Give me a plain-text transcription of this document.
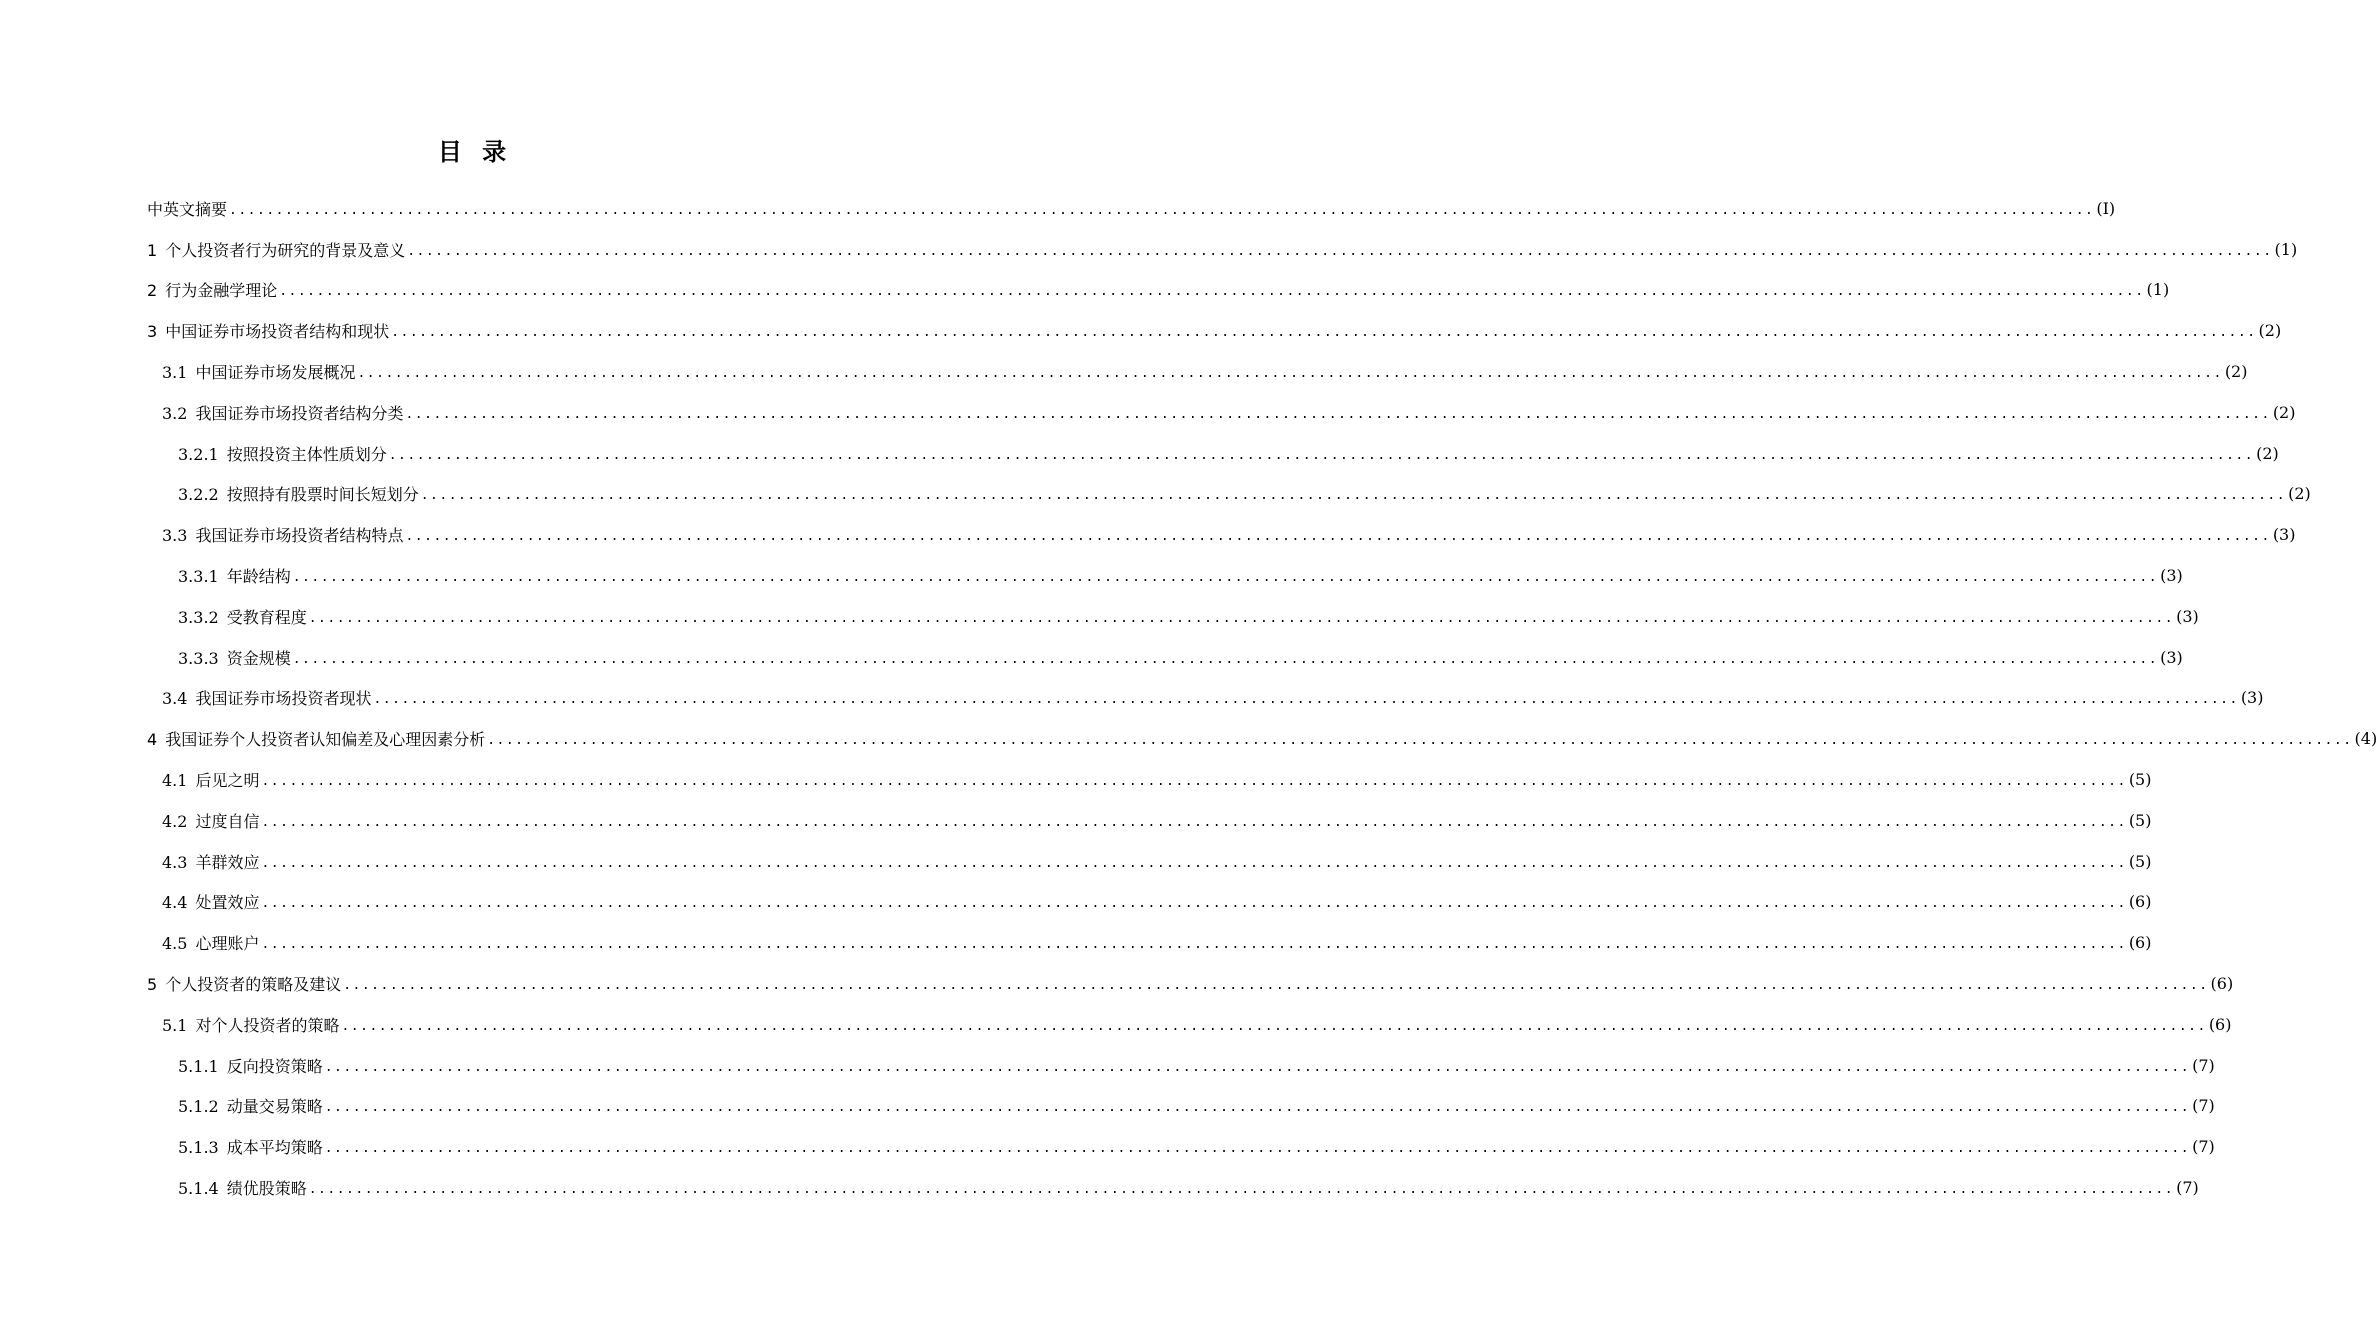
目 录
中英文摘要 ........................................................................................................................................................................................................ (I)
1 个人投资者行为研究的背景及意义 ........................................................................................................................................................................................................ (1)
2 行为金融学理论 ........................................................................................................................................................................................................ (1)
3 中国证券市场投资者结构和现状 ........................................................................................................................................................................................................ (2)
3.1 中国证券市场发展概况 ........................................................................................................................................................................................................ (2)
3.2 我国证券市场投资者结构分类 ........................................................................................................................................................................................................ (2)
3.2.1 按照投资主体性质划分 ........................................................................................................................................................................................................ (2)
3.2.2 按照持有股票时间长短划分 ........................................................................................................................................................................................................ (2)
3.3 我国证券市场投资者结构特点 ........................................................................................................................................................................................................ (3)
3.3.1 年龄结构 ........................................................................................................................................................................................................ (3)
3.3.2 受教育程度 ........................................................................................................................................................................................................ (3)
3.3.3 资金规模 ........................................................................................................................................................................................................ (3)
3.4 我国证券市场投资者现状 ........................................................................................................................................................................................................ (3)
4 我国证券个人投资者认知偏差及心理因素分析 ........................................................................................................................................................................................................ (4)
4.1 后见之明 ........................................................................................................................................................................................................ (5)
4.2 过度自信 ........................................................................................................................................................................................................ (5)
4.3 羊群效应 ........................................................................................................................................................................................................ (5)
4.4 处置效应 ........................................................................................................................................................................................................ (6)
4.5 心理账户 ........................................................................................................................................................................................................ (6)
5 个人投资者的策略及建议 ........................................................................................................................................................................................................ (6)
5.1 对个人投资者的策略 ........................................................................................................................................................................................................ (6)
5.1.1 反向投资策略 ........................................................................................................................................................................................................ (7)
5.1.2 动量交易策略 ........................................................................................................................................................................................................ (7)
5.1.3 成本平均策略 ........................................................................................................................................................................................................ (7)
5.1.4 绩优股策略 ........................................................................................................................................................................................................ (7)
